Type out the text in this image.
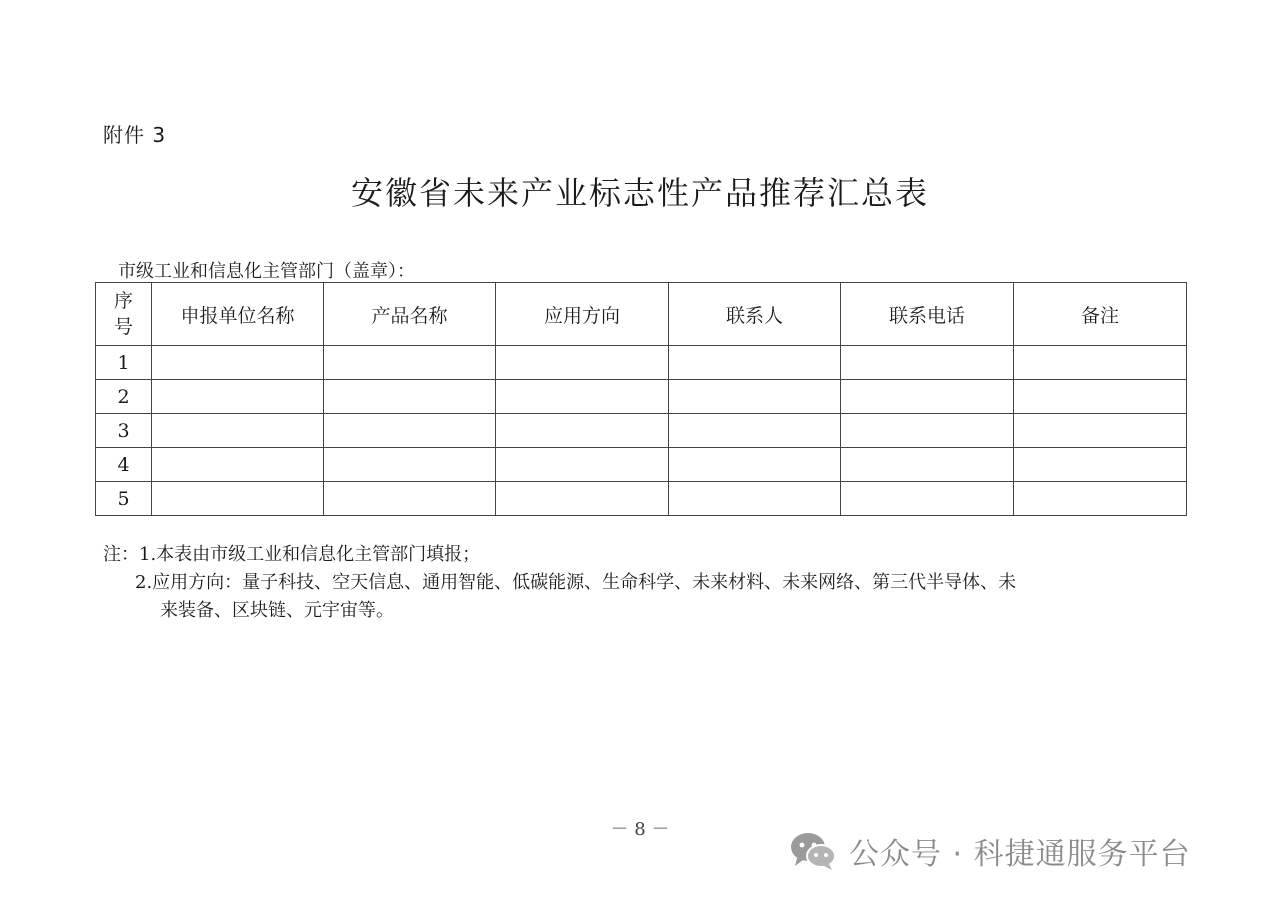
附件 3
安徽省未来产业标志性产品推荐汇总表
市级工业和信息化主管部门（盖章）：
序
号	申报单位名称	产品名称	应用方向	联系人	联系电话	备注
1						
2						
3						
4						
5						
注：1.本表由市级工业和信息化主管部门填报；
2.应用方向：量子科技、空天信息、通用智能、低碳能源、生命科学、未来材料、未来网络、第三代半导体、未
来装备、区块链、元宇宙等。
－ 8 －
公众号 · 科捷通服务平台
